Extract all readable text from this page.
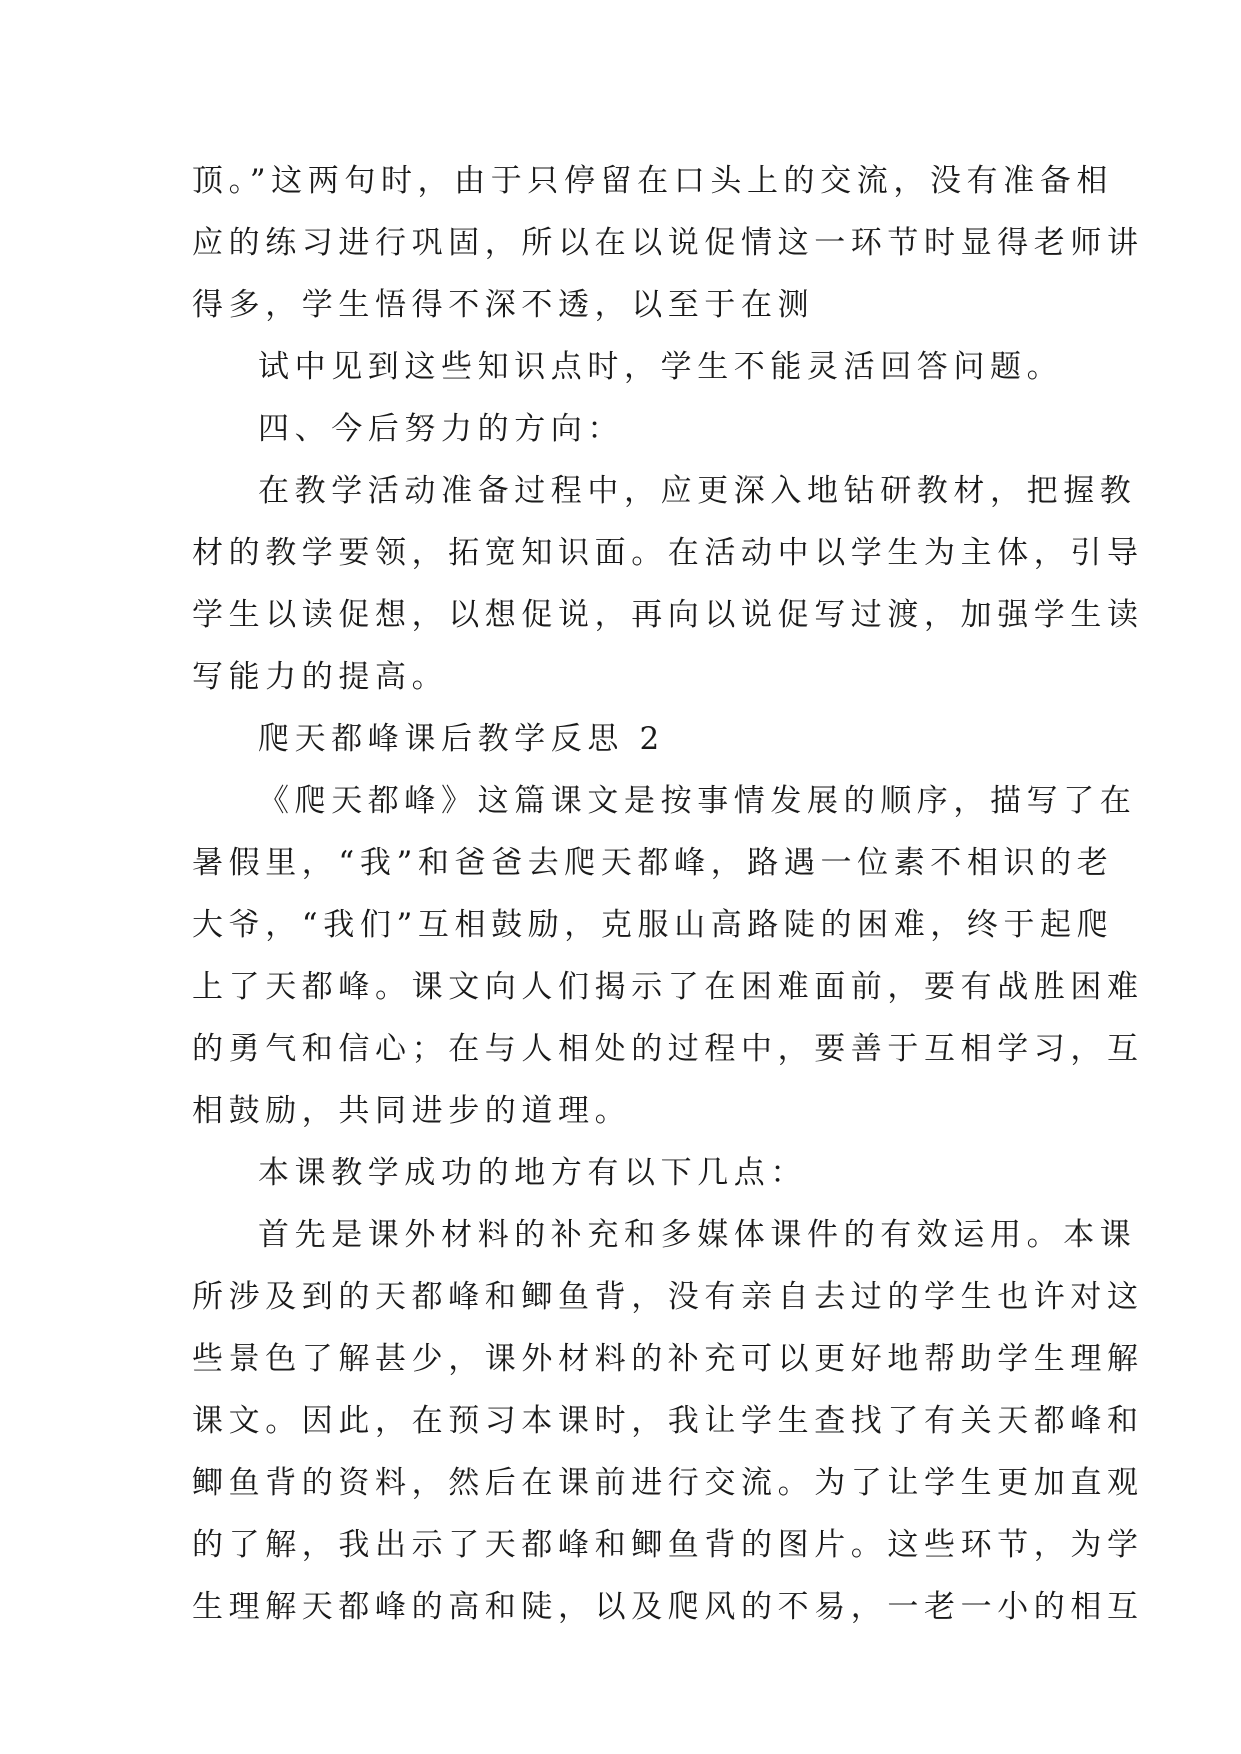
顶。”这两句时，由于只停留在口头上的交流，没有准备相
应的练习进行巩固，所以在以说促情这一环节时显得老师讲
得多，学生悟得不深不透，以至于在测
试中见到这些知识点时，学生不能灵活回答问题。
四、今后努力的方向：
在教学活动准备过程中，应更深入地钻研教材，把握教
材的教学要领，拓宽知识面。在活动中以学生为主体，引导
学生以读促想，以想促说，再向以说促写过渡，加强学生读
写能力的提高。
爬天都峰课后教学反思 2
《爬天都峰》这篇课文是按事情发展的顺序，描写了在
暑假里，“我”和爸爸去爬天都峰，路遇一位素不相识的老
大爷，“我们”互相鼓励，克服山高路陡的困难，终于起爬
上了天都峰。课文向人们揭示了在困难面前，要有战胜困难
的勇气和信心；在与人相处的过程中，要善于互相学习，互
相鼓励，共同进步的道理。
本课教学成功的地方有以下几点：
首先是课外材料的补充和多媒体课件的有效运用。本课
所涉及到的天都峰和鲫鱼背，没有亲自去过的学生也许对这
些景色了解甚少，课外材料的补充可以更好地帮助学生理解
课文。因此，在预习本课时，我让学生查找了有关天都峰和
鲫鱼背的资料，然后在课前进行交流。为了让学生更加直观
的了解，我出示了天都峰和鲫鱼背的图片。这些环节，为学
生理解天都峰的高和陡，以及爬风的不易，一老一小的相互
